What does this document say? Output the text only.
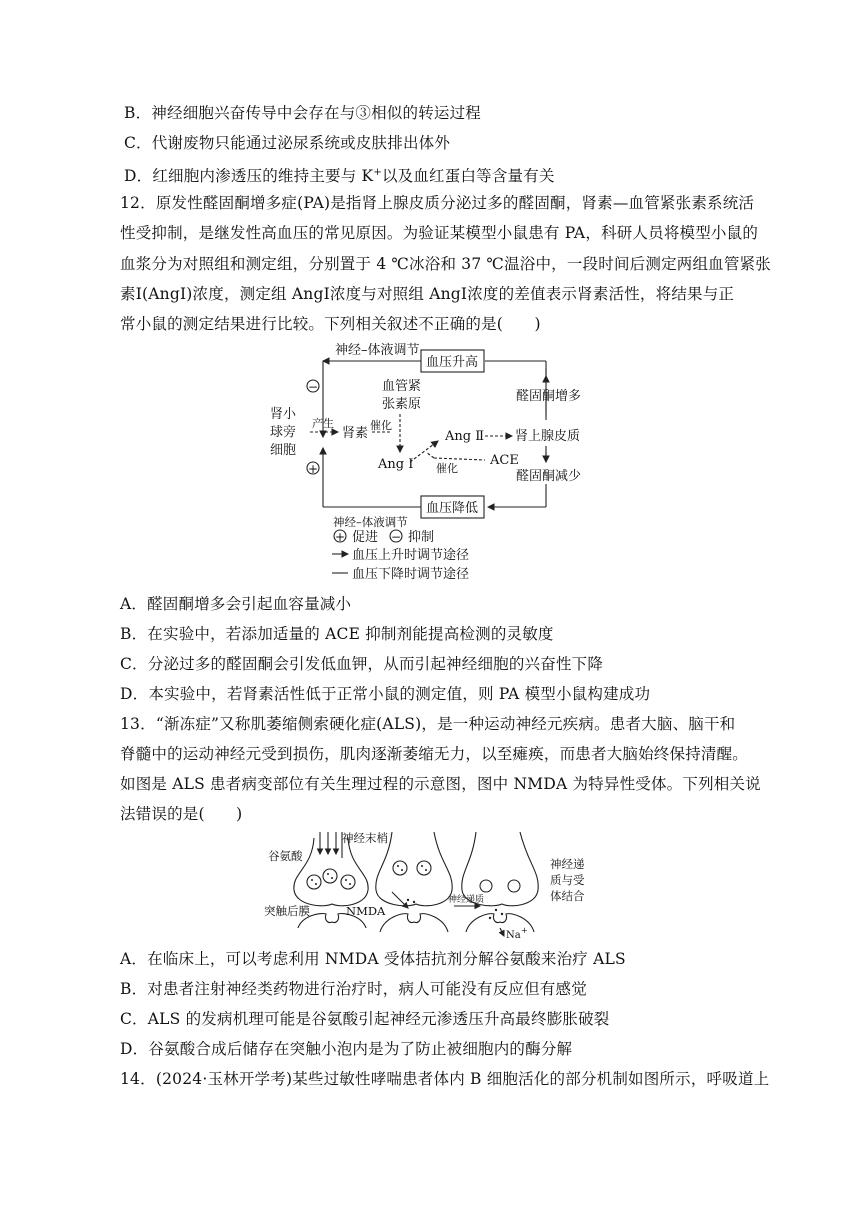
B．神经细胞兴奋传导中会存在与③相似的转运过程
C．代谢废物只能通过泌尿系统或皮肤排出体外
D．红细胞内渗透压的维持主要与 K+以及血红蛋白等含量有关
12．原发性醛固酮增多症(PA)是指肾上腺皮质分泌过多的醛固酮，肾素—血管紧张素系统活
性受抑制，是继发性高血压的常见原因。为验证某模型小鼠患有 PA，科研人员将模型小鼠的
血浆分为对照组和测定组，分别置于 4 ℃冰浴和 37 ℃温浴中，一段时间后测定两组血管紧张
素Ⅰ(AngⅠ)浓度，测定组 AngⅠ浓度与对照组 AngⅠ浓度的差值表示肾素活性，将结果与正
常小鼠的测定结果进行比较。下列相关叙述不正确的是(　　)
神经–体液调节
血压升高
血压降低
神经–体液调节
−
+
肾小
球旁
细胞
产生
肾素
催化
血管紧
张素原
Ang Ⅰ
Ang Ⅱ
ACE
催化
肾上腺皮质
醛固酮增多
醛固酮减少
+ 促进 − 抑制
血压上升时调节途径
血压下降时调节途径
A．醛固酮增多会引起血容量减小
B．在实验中，若添加适量的 ACE 抑制剂能提高检测的灵敏度
C．分泌过多的醛固酮会引发低血钾，从而引起神经细胞的兴奋性下降
D．本实验中，若肾素活性低于正常小鼠的测定值，则 PA 模型小鼠构建成功
13．“渐冻症”又称肌萎缩侧索硬化症(ALS)，是一种运动神经元疾病。患者大脑、脑干和
脊髓中的运动神经元受到损伤，肌肉逐渐萎缩无力，以至瘫痪，而患者大脑始终保持清醒。
如图是 ALS 患者病变部位有关生理过程的示意图，图中 NMDA 为特异性受体。下列相关说
法错误的是(　　)
神经末梢
谷氨酸
突触后膜	NMDA
神经递质
神经递
质与受
体结合
Na +
A．在临床上，可以考虑利用 NMDA 受体拮抗剂分解谷氨酸来治疗 ALS
B．对患者注射神经类药物进行治疗时，病人可能没有反应但有感觉
C．ALS 的发病机理可能是谷氨酸引起神经元渗透压升高最终膨胀破裂
D．谷氨酸合成后储存在突触小泡内是为了防止被细胞内的酶分解
14．(2024·玉林开学考)某些过敏性哮喘患者体内 B 细胞活化的部分机制如图所示，呼吸道上
